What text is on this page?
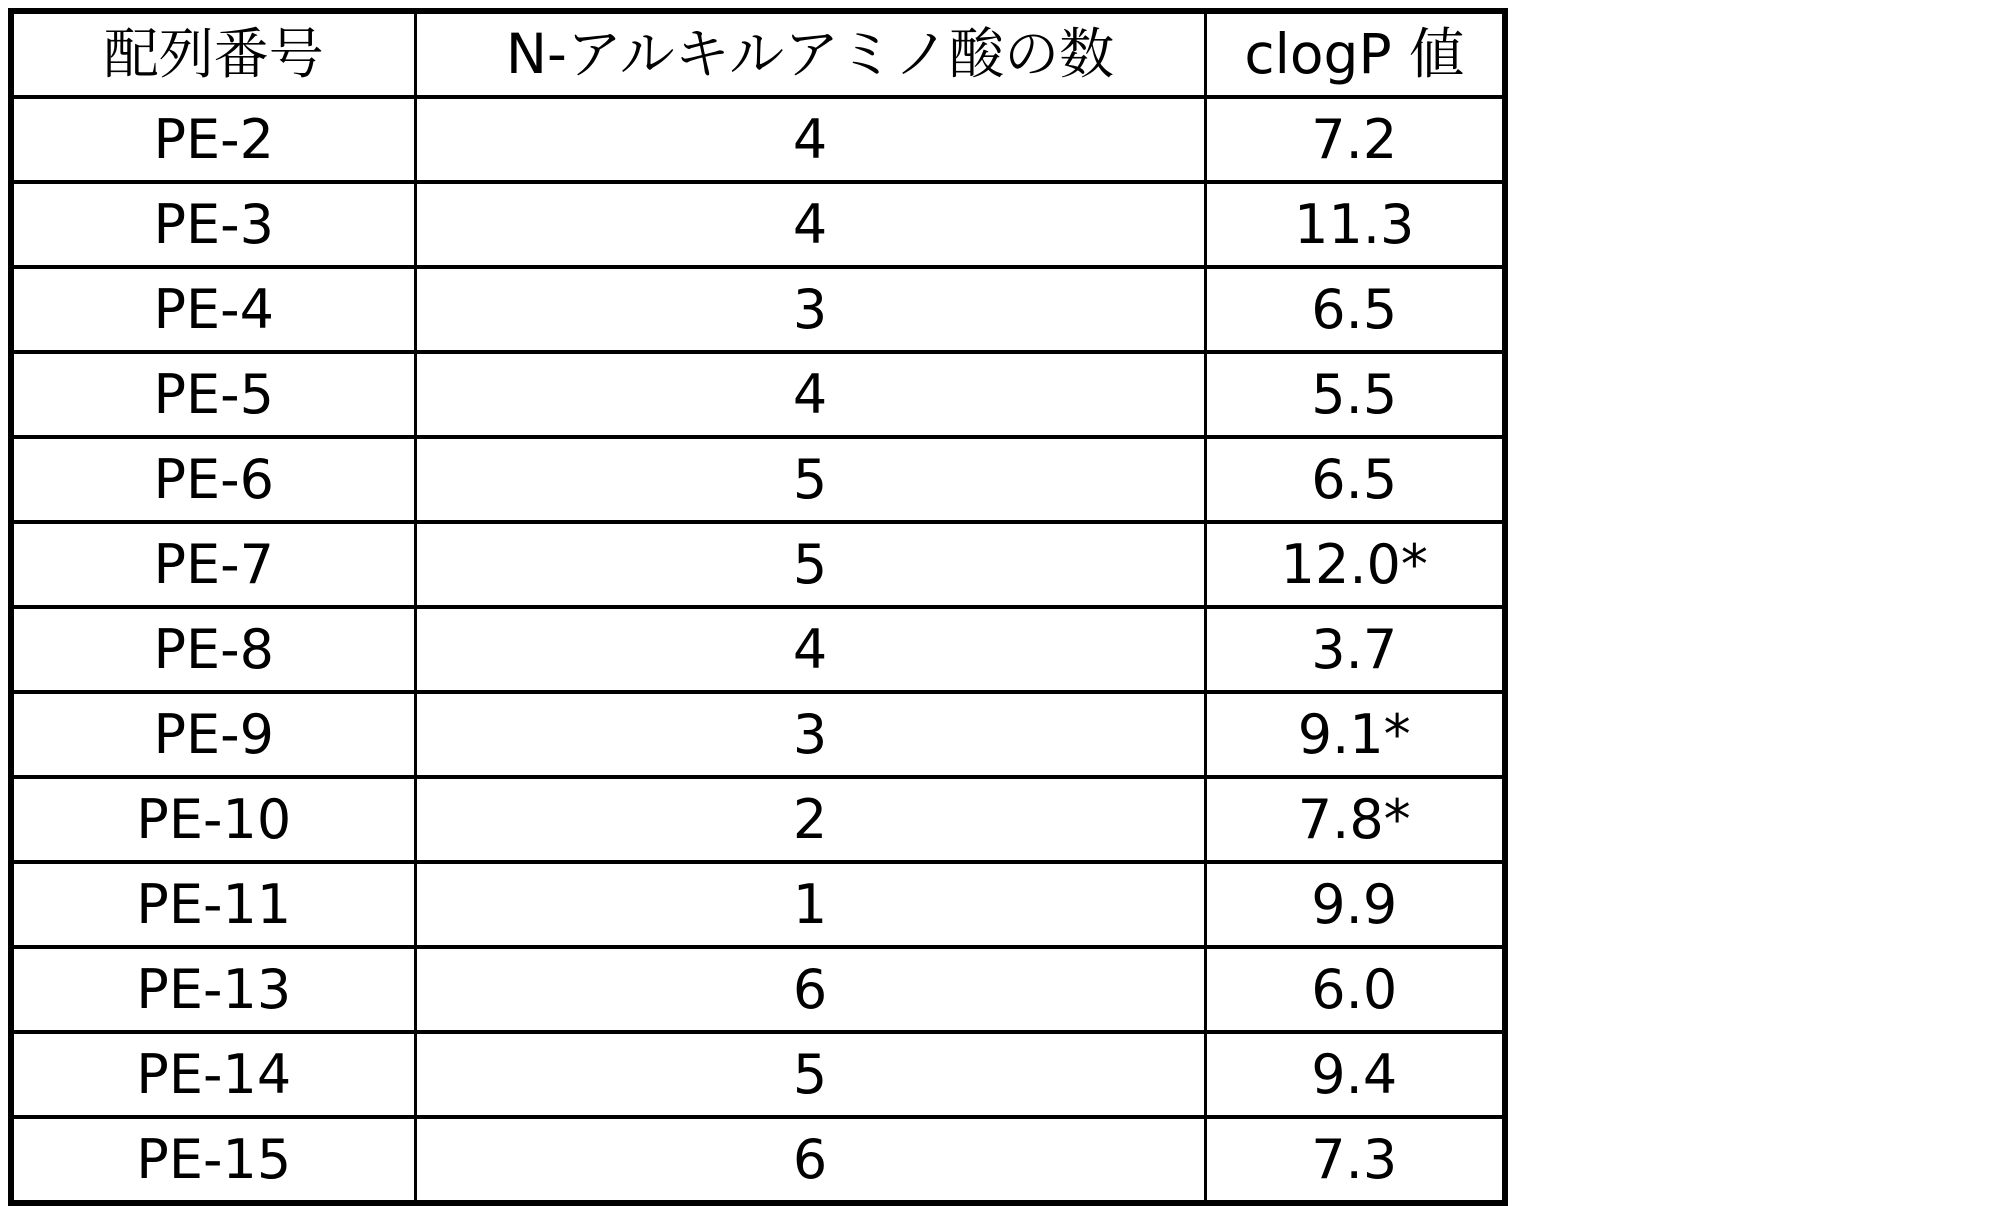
配列番号	N-アルキルアミノ酸の数	clogP 値
PE-2	4	7.2
PE-3	4	11.3
PE-4	3	6.5
PE-5	4	5.5
PE-6	5	6.5
PE-7	5	12.0*
PE-8	4	3.7
PE-9	3	9.1*
PE-10	2	7.8*
PE-11	1	9.9
PE-13	6	6.0
PE-14	5	9.4
PE-15	6	7.3
